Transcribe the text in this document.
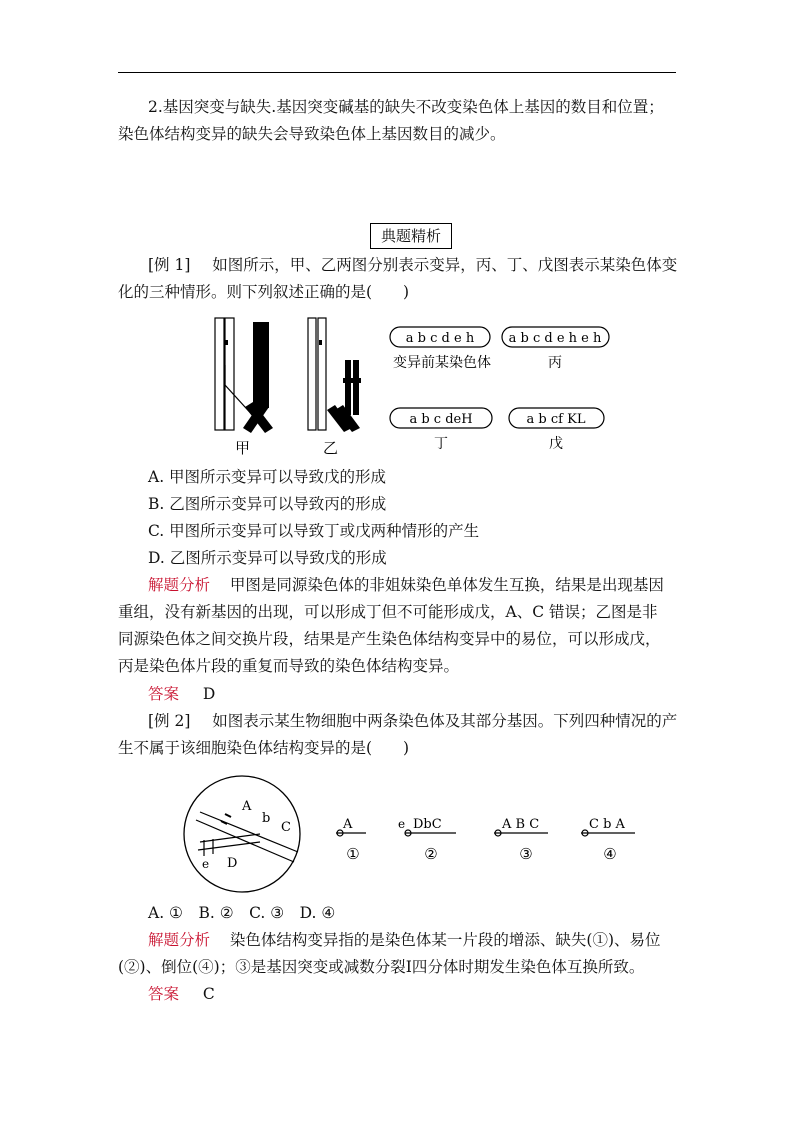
2.基因突变与缺失.基因突变碱基的缺失不改变染色体上基因的数目和位置；
染色体结构变异的缺失会导致染色体上基因数目的减少。
典题精析
[例 1] 如图所示，甲、乙两图分别表示变异，丙、丁、戊图表示某染色体变
化的三种情形。则下列叙述正确的是(　　)
甲	乙
a b c d e h
变异前某染色体
a b c d e h e h
丙
a b c deH
丁
a b cf KL
戊
A. 甲图所示变异可以导致戊的形成
B. 乙图所示变异可以导致丙的形成
C. 甲图所示变异可以导致丁或戊两种情形的产生
D. 乙图所示变异可以导致戊的形成
解题分析 甲图是同源染色体的非姐妹染色单体发生互换，结果是出现基因
重组，没有新基因的出现，可以形成丁但不可能形成戊，A、C 错误；乙图是非
同源染色体之间交换片段，结果是产生染色体结构变异中的易位，可以形成戊，
丙是染色体片段的重复而导致的染色体结构变异。
答案 D
[例 2] 如图表示某生物细胞中两条染色体及其部分基因。下列四种情况的产
生不属于该细胞染色体结构变异的是(　　)
A
b
C
e D
A
①
e DbC
②
A B C
③
C b A
④
A. ①　B. ②　C. ③　D. ④
解题分析 染色体结构变异指的是染色体某一片段的增添、缺失(①)、易位
(②)、倒位(④)；③是基因突变或减数分裂Ⅰ四分体时期发生染色体互换所致。
答案 C
